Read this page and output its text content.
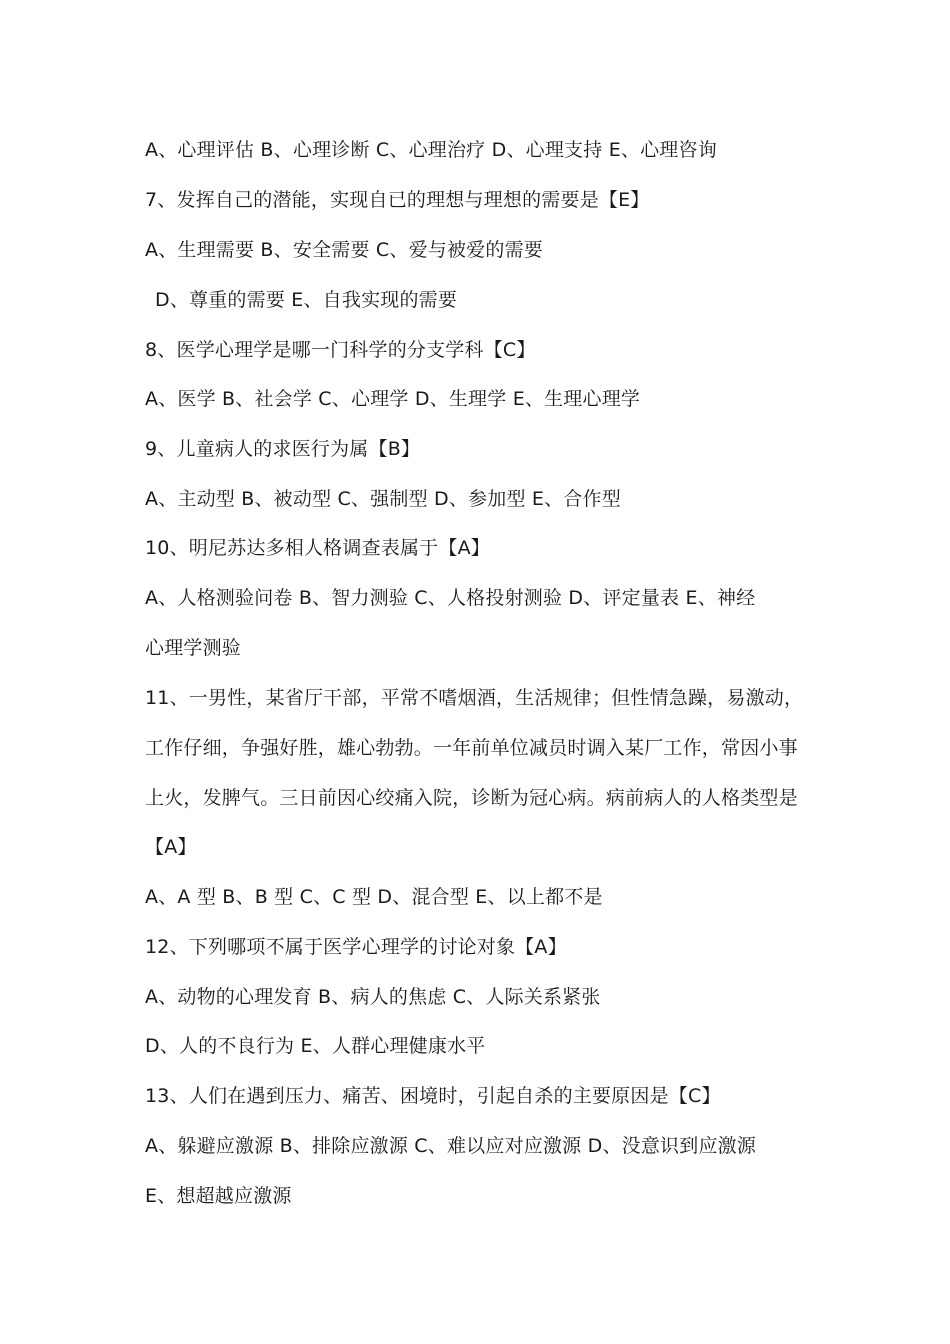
A、心理评估 B、心理诊断 C、心理治疗 D、心理支持 E、心理咨询
7、发挥自己的潜能，实现自已的理想与理想的需要是【E】
A、生理需要 B、安全需要 C、爱与被爱的需要
D、尊重的需要 E、自我实现的需要
8、医学心理学是哪一门科学的分支学科【C】
A、医学 B、社会学 C、心理学 D、生理学 E、生理心理学
9、儿童病人的求医行为属【B】
A、主动型 B、被动型 C、强制型 D、参加型 E、合作型
10、明尼苏达多相人格调查表属于【A】
A、人格测验问卷 B、智力测验 C、人格投射测验 D、评定量表 E、神经
心理学测验
11、一男性，某省厅干部，平常不嗜烟酒，生活规律；但性情急躁，易激动，
工作仔细，争强好胜，雄心勃勃。一年前单位减员时调入某厂工作，常因小事
上火，发脾气。三日前因心绞痛入院，诊断为冠心病。病前病人的人格类型是
【A】
A、A 型 B、B 型 C、C 型 D、混合型 E、以上都不是
12、下列哪项不属于医学心理学的讨论对象【A】
A、动物的心理发育 B、病人的焦虑 C、人际关系紧张
D、人的不良行为 E、人群心理健康水平
13、人们在遇到压力、痛苦、困境时，引起自杀的主要原因是【C】
A、躲避应激源 B、排除应激源 C、难以应对应激源 D、没意识到应激源
E、想超越应激源
